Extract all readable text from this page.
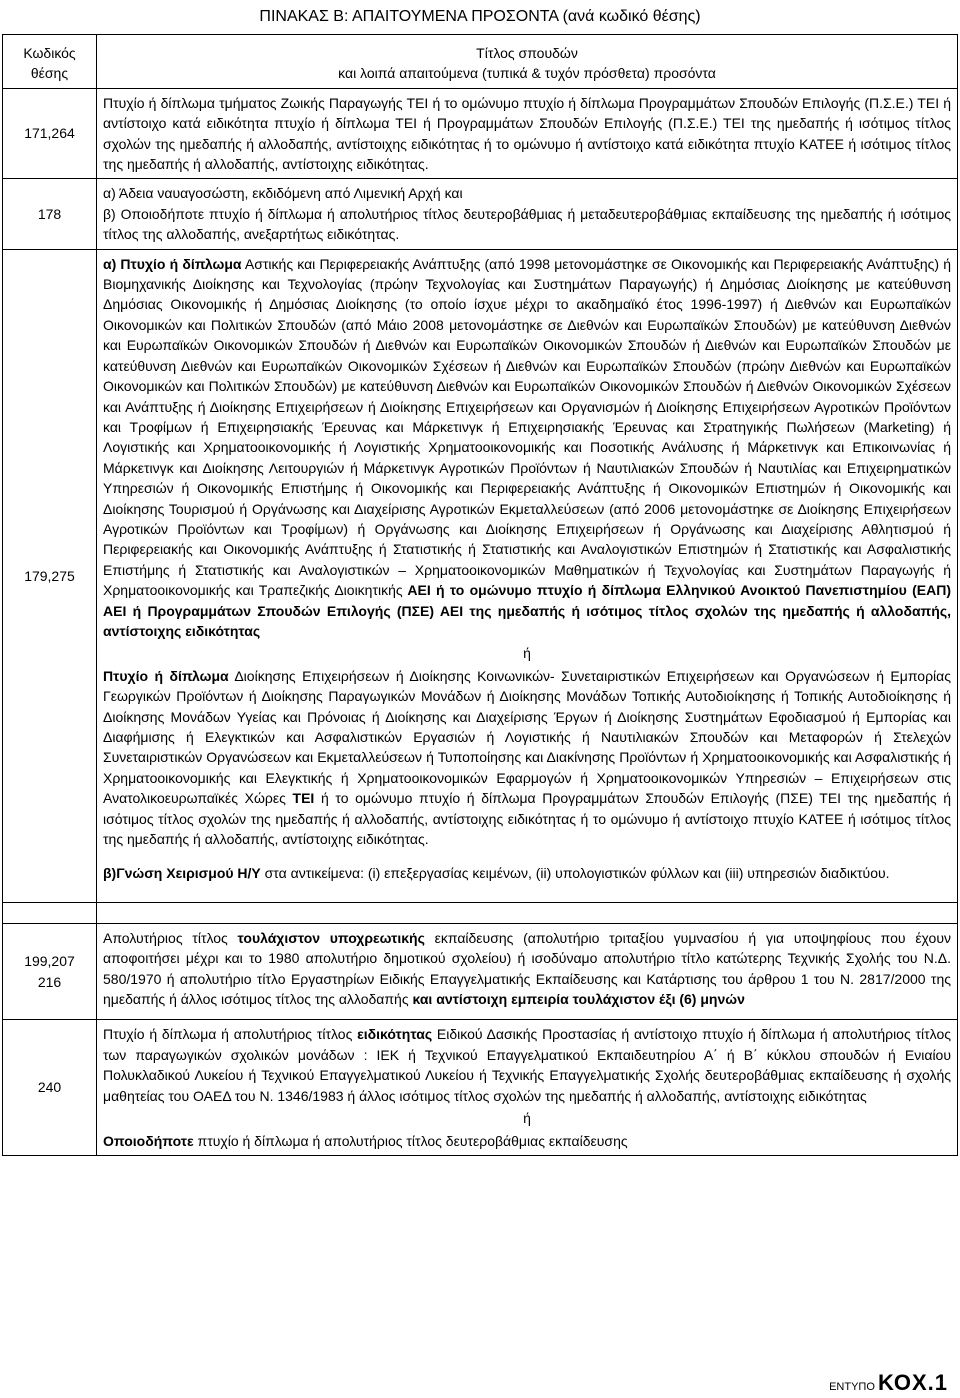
ΠΙΝΑΚΑΣ Β: ΑΠΑΙΤΟΥΜΕΝΑ ΠΡΟΣΟΝΤΑ (ανά κωδικό θέσης)
Κωδικός θέσης	Τίτλος σπουδών
και λοιπά απαιτούμενα (τυπικά & τυχόν πρόσθετα) προσόντα

171,264	Πτυχίο ή δίπλωμα τμήματος Ζωικής Παραγωγής ΤΕΙ ή το ομώνυμο πτυχίο ή δίπλωμα Προγραμμάτων Σπουδών Επιλογής (Π.Σ.Ε.) ΤΕΙ ή αντίστοιχο κατά ειδικότητα πτυχίο ή δίπλωμα ΤΕΙ ή Προγραμμάτων Σπουδών Επιλογής (Π.Σ.Ε.) ΤΕΙ της ημεδαπής ή ισότιμος τίτλος σχολών της ημεδαπής ή αλλοδαπής, αντίστοιχης ειδικότητας ή το ομώνυμο ή αντίστοιχο κατά ειδικότητα πτυχίο ΚΑΤΕΕ ή ισότιμος τίτλος της ημεδαπής ή αλλοδαπής, αντίστοιχης ειδικότητας.
178	α) Άδεια ναυαγοσώστη, εκδιδόμενη από Λιμενική Αρχή και
β) Οποιοδήποτε πτυχίο ή δίπλωμα ή απολυτήριος τίτλος δευτεροβάθμιας ή μεταδευτεροβάθμιας εκπαίδευσης της ημεδαπής ή ισότιμος τίτλος της αλλοδαπής, ανεξαρτήτως ειδικότητας.

179,275	α) Πτυχίο ή δίπλωμα Αστικής και Περιφερειακής Ανάπτυξης (από 1998 μετονομάστηκε σε Οικονομικής και Περιφερειακής Ανάπτυξης) ή Βιομηχανικής Διοίκησης και Τεχνολογίας (πρώην Τεχνολογίας και Συστημάτων Παραγωγής) ή Δημόσιας Διοίκησης με κατεύθυνση Δημόσιας Οικονομικής ή Δημόσιας Διοίκησης (το οποίο ίσχυε μέχρι το ακαδημαϊκό έτος 1996-1997) ή Διεθνών και Ευρωπαϊκών Οικονομικών και Πολιτικών Σπουδών (από Μάιο 2008 μετονομάστηκε σε Διεθνών και Ευρωπαϊκών Σπουδών) με κατεύθυνση Διεθνών και Ευρωπαϊκών Οικονομικών Σπουδών ή Διεθνών και Ευρωπαϊκών Οικονομικών Σπουδών ή Διεθνών και Ευρωπαϊκών Σπουδών με κατεύθυνση Διεθνών και Ευρωπαϊκών Οικονομικών Σχέσεων ή Διεθνών και Ευρωπαϊκών Σπουδών (πρώην Διεθνών και Ευρωπαϊκών Οικονομικών και Πολιτικών Σπουδών) με κατεύθυνση Διεθνών και Ευρωπαϊκών Οικονομικών Σπουδών ή Διεθνών Οικονομικών Σχέσεων και Ανάπτυξης ή Διοίκησης Επιχειρήσεων ή Διοίκησης Επιχειρήσεων και Οργανισμών ή Διοίκησης Επιχειρήσεων Αγροτικών Προϊόντων και Τροφίμων ή Επιχειρησιακής Έρευνας και Μάρκετινγκ ή Επιχειρησιακής Έρευνας και Στρατηγικής Πωλήσεων (Marketing) ή Λογιστικής και Χρηματοοικονομικής ή Λογιστικής Χρηματοοικονομικής και Ποσοτικής Ανάλυσης ή Μάρκετινγκ και Επικοινωνίας ή Μάρκετινγκ και Διοίκησης Λειτουργιών ή Μάρκετινγκ Αγροτικών Προϊόντων ή Ναυτιλιακών Σπουδών ή Ναυτιλίας και Επιχειρηματικών Υπηρεσιών ή Οικονομικής Επιστήμης ή Οικονομικής και Περιφερειακής Ανάπτυξης ή Οικονομικών Επιστημών ή Οικονομικής και Διοίκησης Τουρισμού ή Οργάνωσης και Διαχείρισης Αγροτικών Εκμεταλλεύσεων (από 2006 μετονομάστηκε σε Διοίκησης Επιχειρήσεων Αγροτικών Προϊόντων και Τροφίμων) ή Οργάνωσης και Διοίκησης Επιχειρήσεων ή Οργάνωσης και Διαχείρισης Αθλητισμού ή Περιφερειακής και Οικονομικής Ανάπτυξης ή Στατιστικής ή Στατιστικής και Αναλογιστικών Επιστημών ή Στατιστικής και Ασφαλιστικής Επιστήμης ή Στατιστικής και Αναλογιστικών – Χρηματοοικονομικών Μαθηματικών ή Τεχνολογίας και Συστημάτων Παραγωγής ή Χρηματοοικονομικής και Τραπεζικής Διοικητικής ΑΕΙ ή το ομώνυμο πτυχίο ή δίπλωμα Ελληνικού Ανοικτού Πανεπιστημίου (ΕΑΠ) ΑΕΙ ή Προγραμμάτων Σπουδών Επιλογής (ΠΣΕ) ΑΕΙ της ημεδαπής ή ισότιμος τίτλος σχολών της ημεδαπής ή αλλοδαπής, αντίστοιχης ειδικότητας

ή

Πτυχίο ή δίπλωμα Διοίκησης Επιχειρήσεων ή Διοίκησης Κοινωνικών- Συνεταιριστικών Επιχειρήσεων και Οργανώσεων ή Εμπορίας Γεωργικών Προϊόντων ή Διοίκησης Παραγωγικών Μονάδων ή Διοίκησης Μονάδων Τοπικής Αυτοδιοίκησης ή Τοπικής Αυτοδιοίκησης ή Διοίκησης Μονάδων Υγείας και Πρόνοιας ή Διοίκησης και Διαχείρισης Έργων ή Διοίκησης Συστημάτων Εφοδιασμού ή Εμπορίας και Διαφήμισης ή Ελεγκτικών και Ασφαλιστικών Εργασιών ή Λογιστικής ή Ναυτιλιακών Σπουδών και Μεταφορών ή Στελεχών Συνεταιριστικών Οργανώσεων και Εκμεταλλεύσεων ή Τυποποίησης και Διακίνησης Προϊόντων ή Χρηματοοικονομικής και Ασφαλιστικής ή Χρηματοοικονομικής και Ελεγκτικής ή Χρηματοοικονομικών Εφαρμογών ή Χρηματοοικονομικών Υπηρεσιών – Επιχειρήσεων στις Ανατολικοευρωπαϊκές Χώρες ΤΕΙ ή το ομώνυμο πτυχίο ή δίπλωμα Προγραμμάτων Σπουδών Επιλογής (ΠΣΕ) ΤΕΙ της ημεδαπής ή ισότιμος τίτλος σχολών της ημεδαπής ή αλλοδαπής, αντίστοιχης ειδικότητας ή το ομώνυμο ή αντίστοιχο πτυχίο ΚΑΤΕΕ ή ισότιμος τίτλος της ημεδαπής ή αλλοδαπής, αντίστοιχης ειδικότητας.

β)Γνώση Χειρισμού Η/Υ στα αντικείμενα: (i) επεξεργασίας κειμένων, (ii) υπολογιστικών φύλλων και (iii) υπηρεσιών διαδικτύου.

199,207
216	Απολυτήριος τίτλος τουλάχιστον υποχρεωτικής εκπαίδευσης (απολυτήριο τριταξίου γυμνασίου ή για υποψηφίους που έχουν αποφοιτήσει μέχρι και το 1980 απολυτήριο δημοτικού σχολείου) ή ισοδύναμο απολυτήριο τίτλο κατώτερης Τεχνικής Σχολής του Ν.Δ. 580/1970 ή απολυτήριο τίτλο Εργαστηρίων Ειδικής Επαγγελματικής Εκπαίδευσης και Κατάρτισης του άρθρου 1 του Ν. 2817/2000 της ημεδαπής ή άλλος ισότιμος τίτλος της αλλοδαπής και αντίστοιχη εμπειρία τουλάχιστον έξι (6) μηνών
240	Πτυχίο ή δίπλωμα ή απολυτήριος τίτλος ειδικότητας Ειδικού Δασικής Προστασίας ή αντίστοιχο πτυχίο ή δίπλωμα ή απολυτήριος τίτλος των παραγωγικών σχολικών μονάδων : ΙΕΚ ή Τεχνικού Επαγγελματικού Εκπαιδευτηρίου Α΄ ή Β΄ κύκλου σπουδών ή Ενιαίου Πολυκλαδικού Λυκείου ή Τεχνικού Επαγγελματικού Λυκείου ή Τεχνικής Επαγγελματικής Σχολής δευτεροβάθμιας εκπαίδευσης ή σχολής μαθητείας του ΟΑΕΔ του Ν. 1346/1983 ή άλλος ισότιμος τίτλος σχολών της ημεδαπής ή αλλοδαπής, αντίστοιχης ειδικότητας

ή

Οποιοδήποτε πτυχίο ή δίπλωμα ή απολυτήριος τίτλος δευτεροβάθμιας εκπαίδευσης

ΕΝΤΥΠΟ ΚΟΧ.1
